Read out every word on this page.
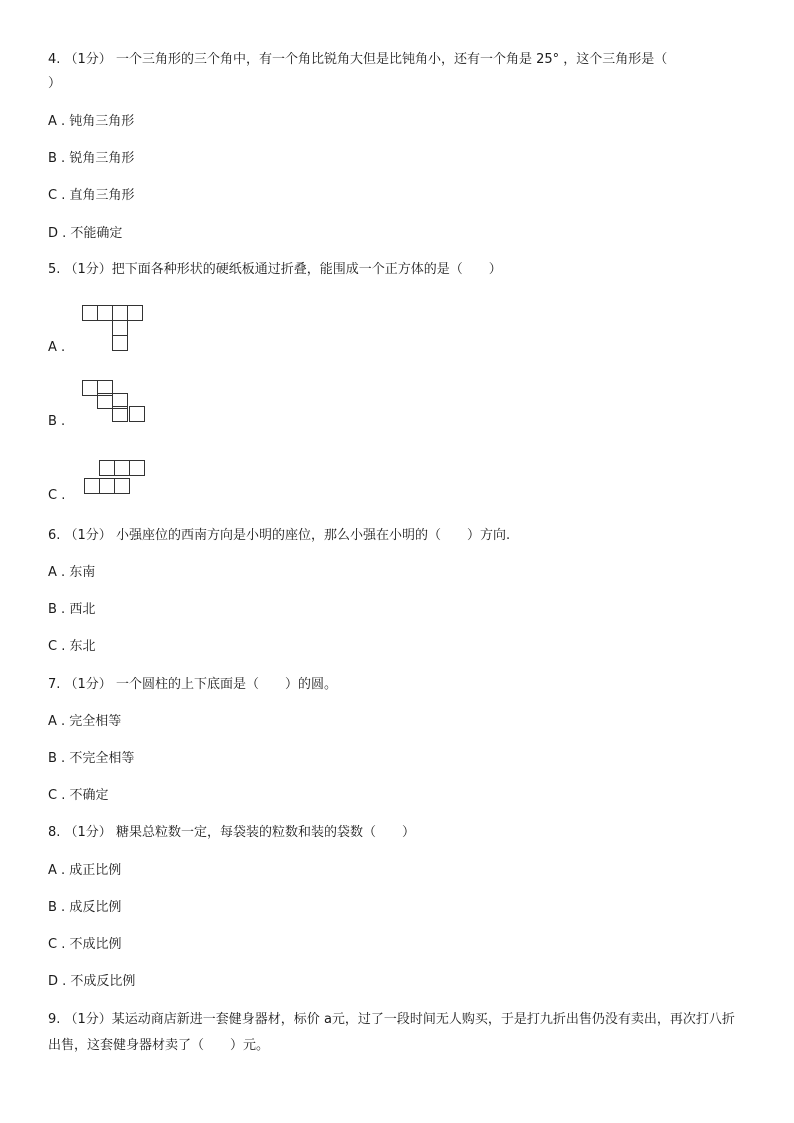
4. （1分） 一个三角形的三个角中，有一个角比锐角大但是比钝角小，还有一个角是 25° ，这个三角形是（
）
A . 钝角三角形
B . 锐角三角形
C . 直角三角形
D . 不能确定
5. （1分）把下面各种形状的硬纸板通过折叠，能围成一个正方体的是（　　）
A .
B .
C .
6. （1分） 小强座位的西南方向是小明的座位，那么小强在小明的（　　）方向.
A . 东南
B . 西北
C . 东北
7. （1分） 一个圆柱的上下底面是（　　）的圆。
A . 完全相等
B . 不完全相等
C . 不确定
8. （1分） 糖果总粒数一定，每袋装的粒数和装的袋数（　　）
A . 成正比例
B . 成反比例
C . 不成比例
D . 不成反比例
9. （1分）某运动商店新进一套健身器材，标价 a元，过了一段时间无人购买，于是打九折出售仍没有卖出，再次打八折出售，这套健身器材卖了（　　）元。
